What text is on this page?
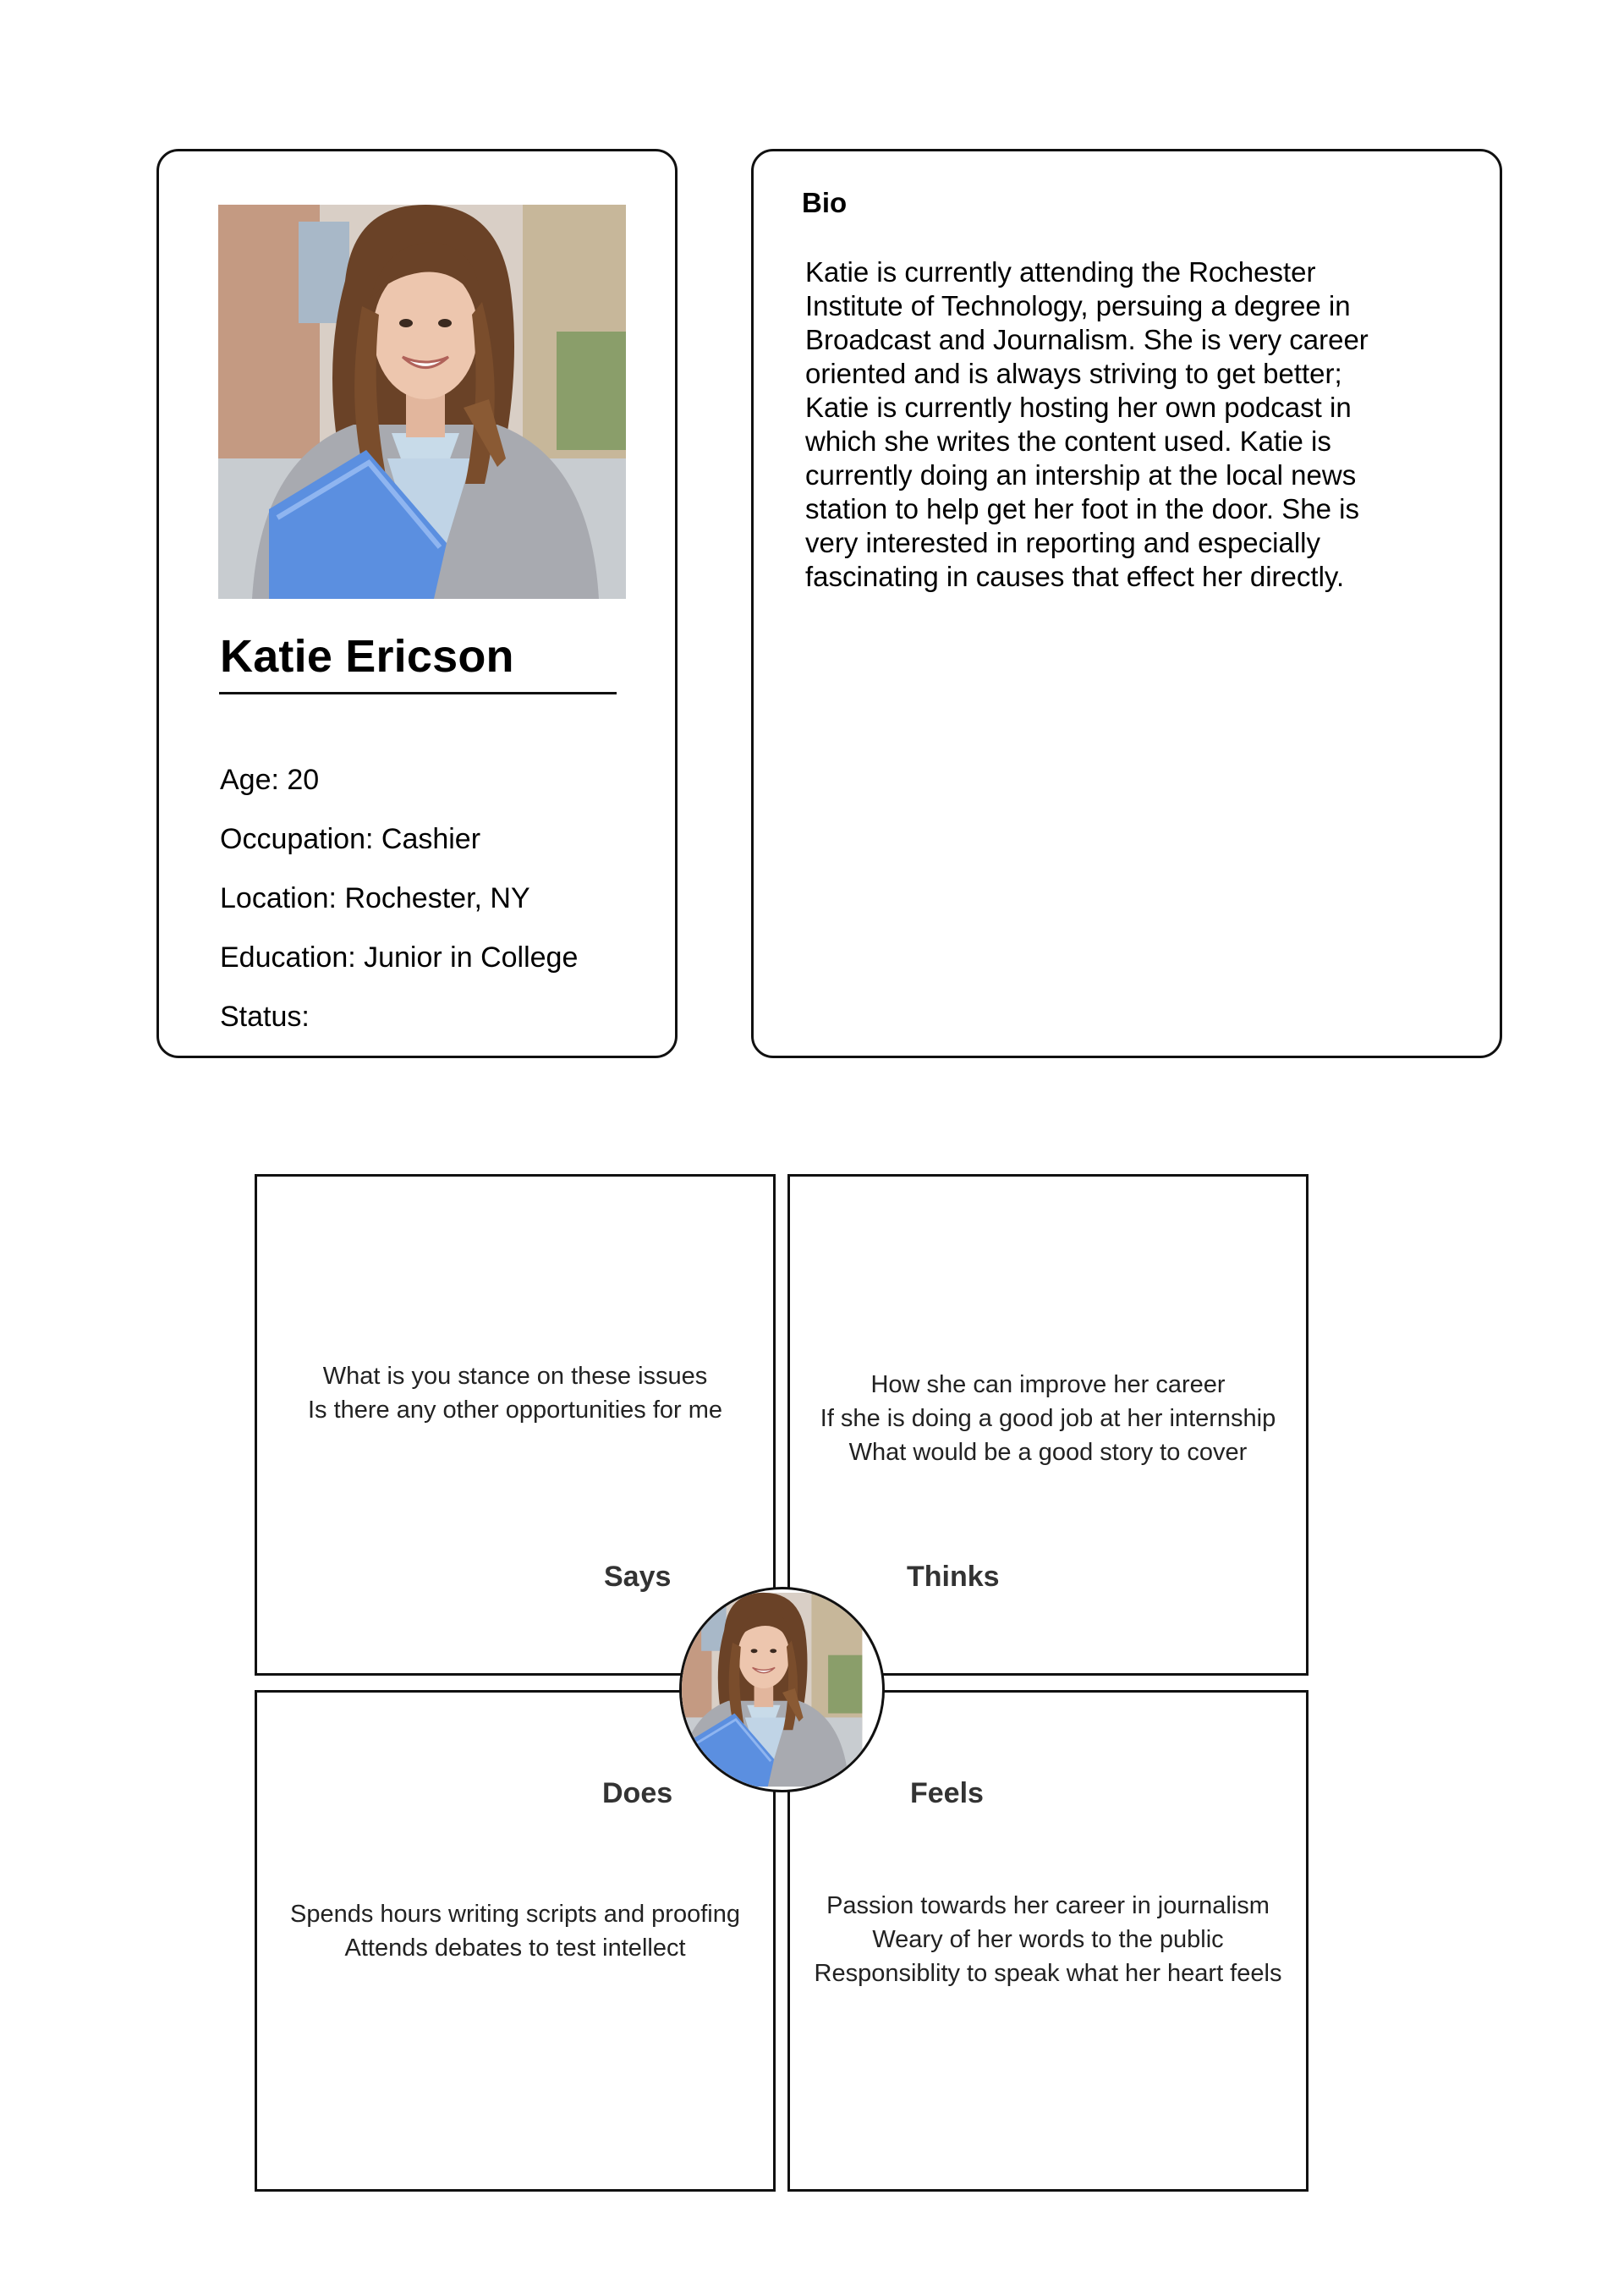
Katie Ericson
Age: 20
Occupation: Cashier
Location: Rochester, NY
Education: Junior in College
Status:
Bio

Katie is currently attending the Rochester
Institute of Technology, persuing a degree in
Broadcast and Journalism. She is very career
oriented and is always striving to get better;
Katie is currently hosting her own podcast in
which she writes the content used. Katie is
currently doing an intership at the local news
station to help get her foot in the door. She is
very interested in reporting and especially
fascinating in causes that effect her directly.

What is you stance on these issues
Is there any other opportunities for me
Says
How she can improve her career
If she is doing a good job at her internship
What would be a good story to cover
Thinks
Does
Spends hours writing scripts and proofing
Attends debates to test intellect
Feels
Passion towards her career in journalism
Weary of her words to the public
Responsiblity to speak what her heart feels
